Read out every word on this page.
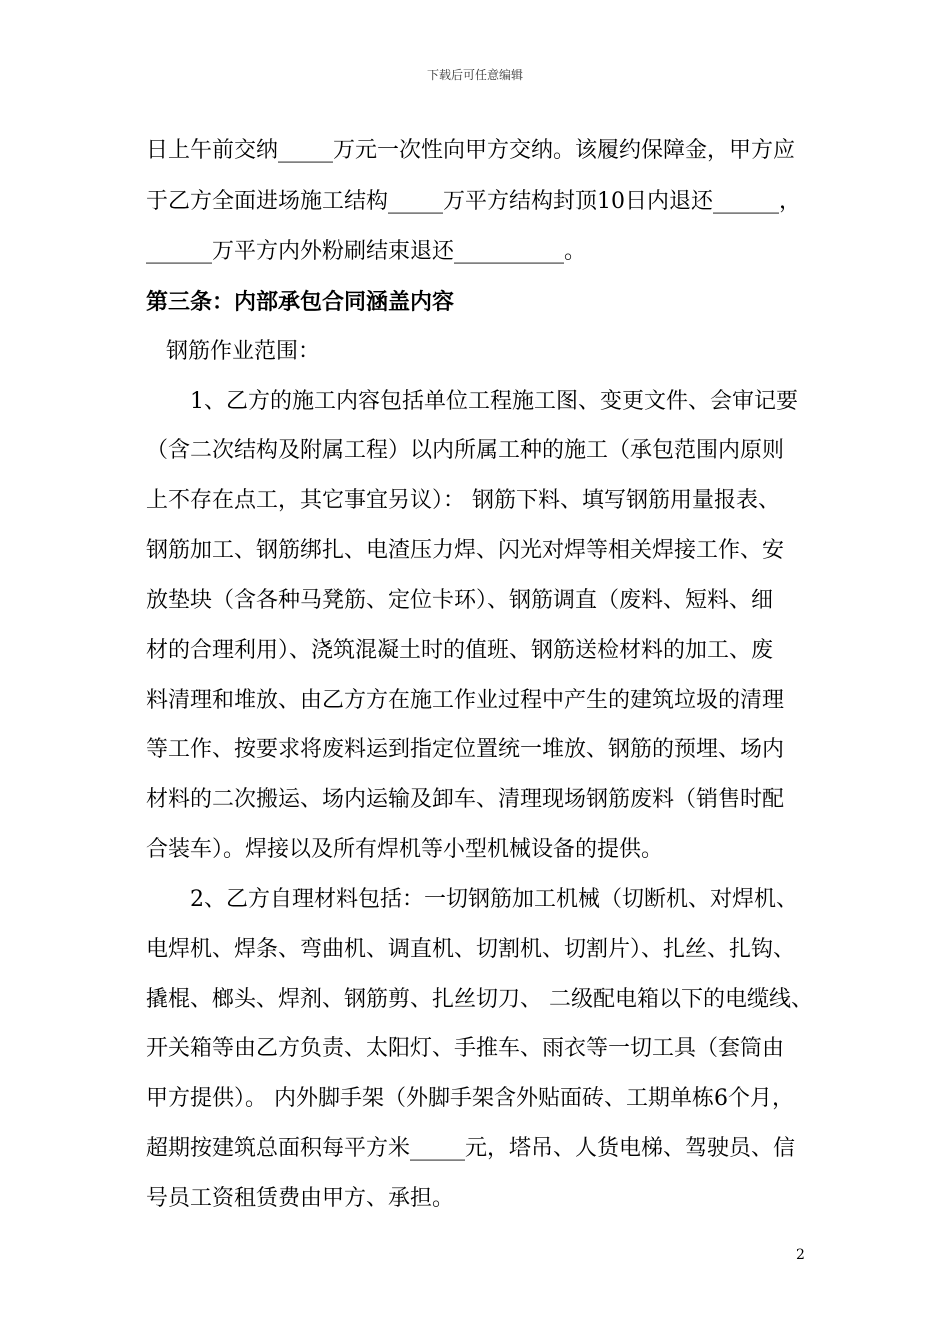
下载后可任意编辑
日上午前交纳_____万元一次性向甲方交纳。该履约保障金，甲方应
于乙方全面进场施工结构_____万平方结构封顶10日内退还______，
______万平方内外粉刷结束退还__________。
第三条：内部承包合同涵盖内容
钢筋作业范围：
1、乙方的施工内容包括单位工程施工图、变更文件、会审记要
（含二次结构及附属工程）以内所属工种的施工（承包范围内原则
上不存在点工，其它事宜另议）： 钢筋下料、填写钢筋用量报表、
钢筋加工、钢筋绑扎、电渣压力焊、闪光对焊等相关焊接工作、安
放垫块（含各种马凳筋、定位卡环）、钢筋调直（废料、短料、细
材的合理利用）、浇筑混凝土时的值班、钢筋送检材料的加工、废
料清理和堆放、由乙方方在施工作业过程中产生的建筑垃圾的清理
等工作、按要求将废料运到指定位置统一堆放、钢筋的预埋、场内
材料的二次搬运、场内运输及卸车、清理现场钢筋废料（销售时配
合装车）。焊接以及所有焊机等小型机械设备的提供。
2、乙方自理材料包括：一切钢筋加工机械（切断机、对焊机、
电焊机、焊条、弯曲机、调直机、切割机、切割片）、扎丝、扎钩、
撬棍、榔头、焊剂、钢筋剪、扎丝切刀、 二级配电箱以下的电缆线、
开关箱等由乙方负责、太阳灯、手推车、雨衣等一切工具（套筒由
甲方提供）。 内外脚手架（外脚手架含外贴面砖、工期单栋6个月，
超期按建筑总面积每平方米_____元，塔吊、人货电梯、驾驶员、信
号员工资租赁费由甲方、承担。
2
